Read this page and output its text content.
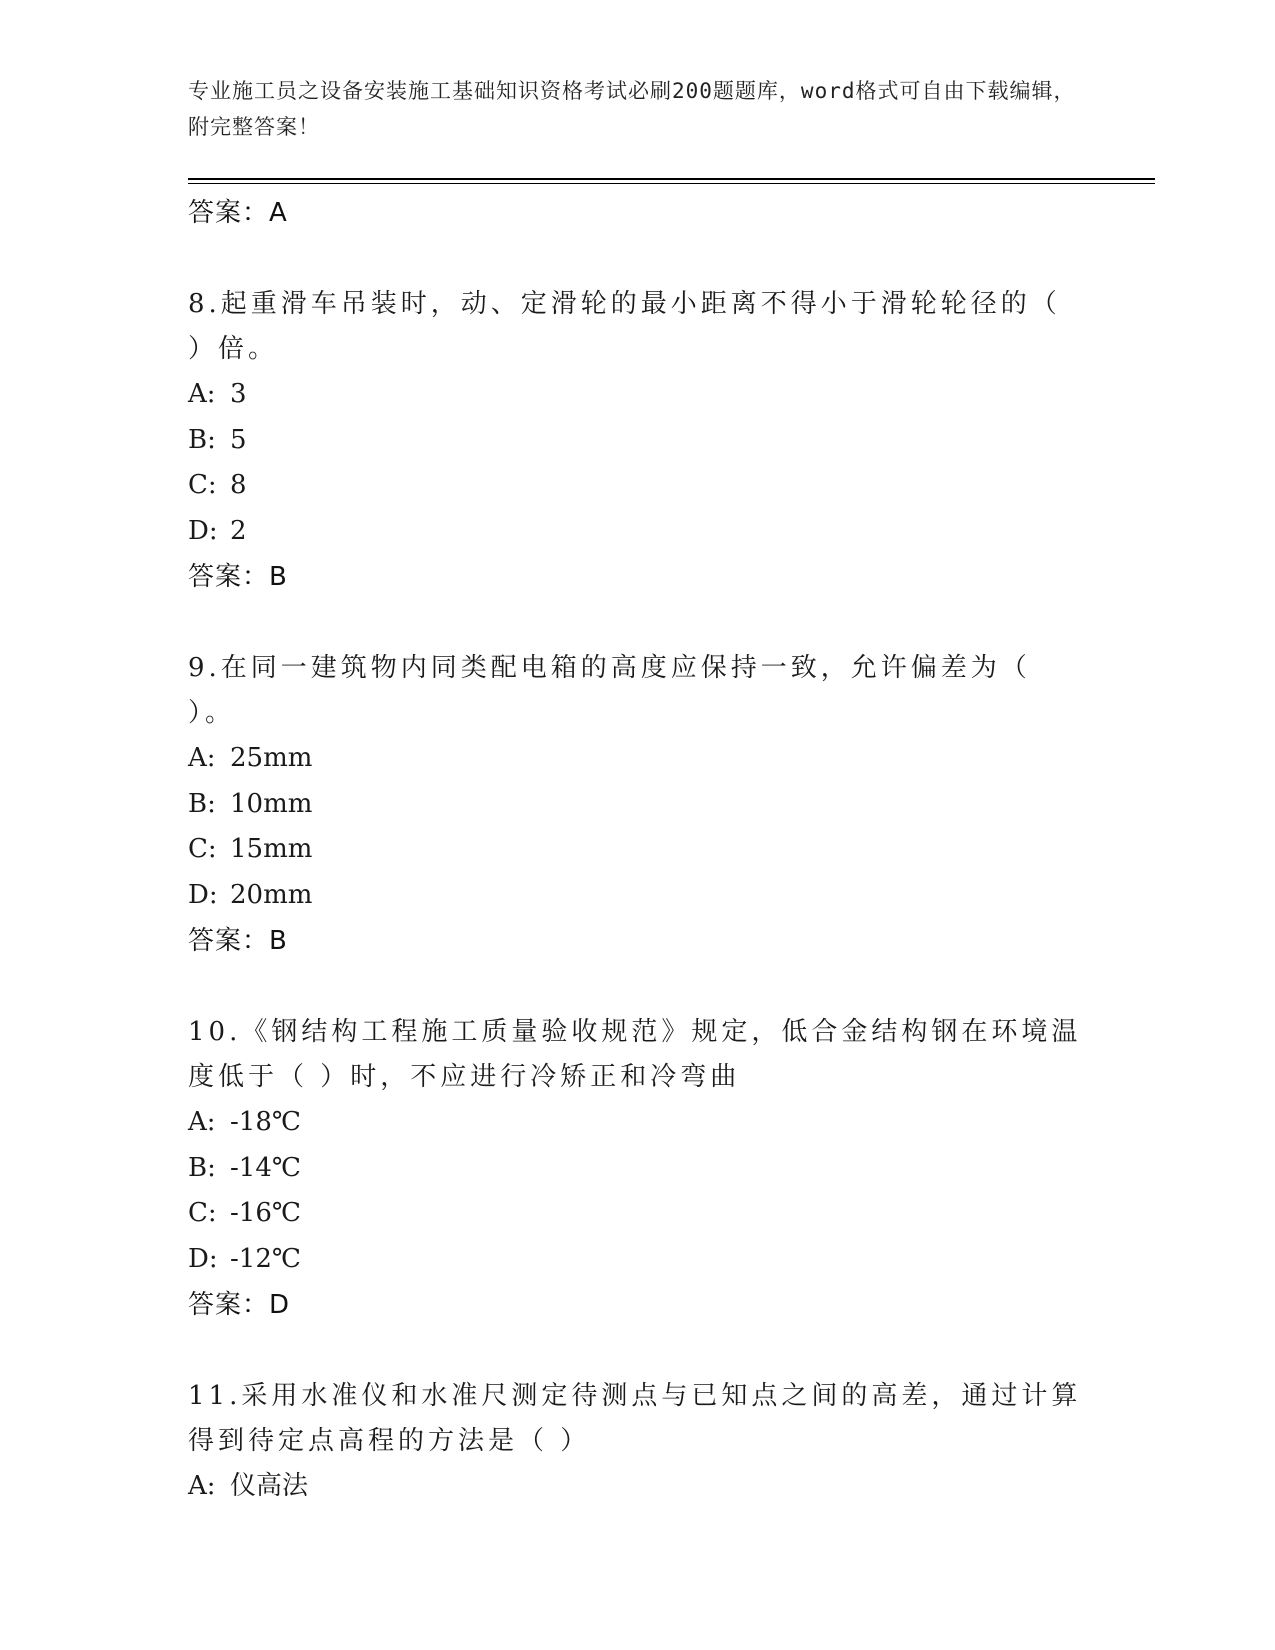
专业施工员之设备安装施工基础知识资格考试必刷200题题库，word格式可自由下载编辑，附完整答案！
答案：A
8.起重滑车吊装时，动、定滑轮的最小距离不得小于滑轮轮径的（ ）倍。
A: 3
B: 5
C: 8
D: 2
答案：B
9.在同一建筑物内同类配电箱的高度应保持一致，允许偏差为（ ）。
A: 25mm
B: 10mm
C: 15mm
D: 20mm
答案：B
10.《钢结构工程施工质量验收规范》规定，低合金结构钢在环境温度低于（ ）时，不应进行冷矫正和冷弯曲
A: -18℃
B: -14℃
C: -16℃
D: -12℃
答案：D
11.采用水准仪和水准尺测定待测点与已知点之间的高差，通过计算得到待定点高程的方法是（ ）
A: 仪高法
